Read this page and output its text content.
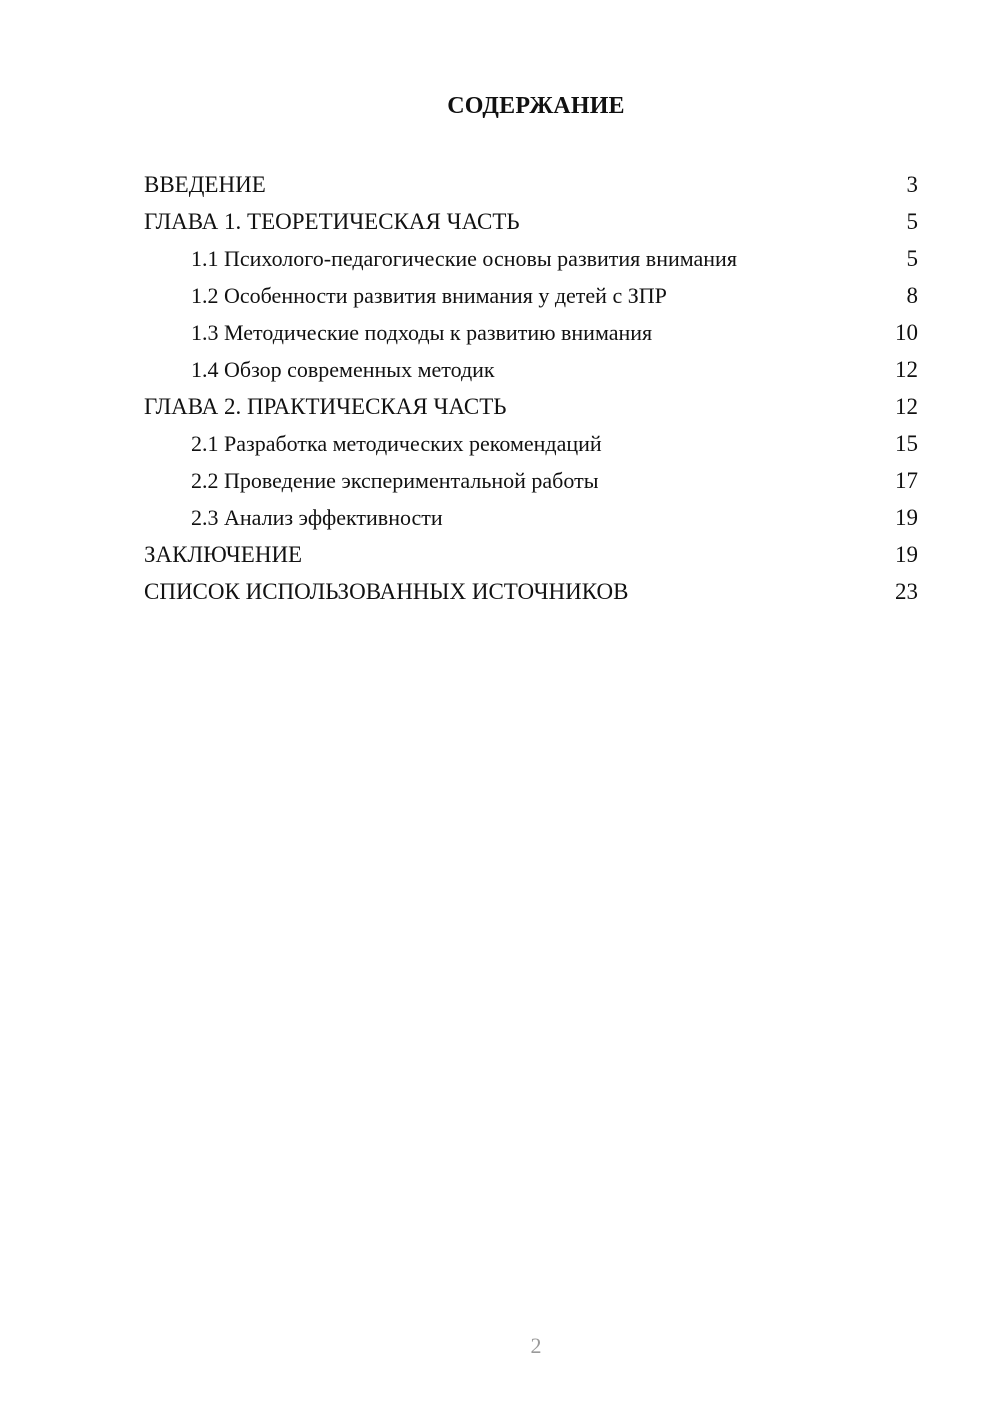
СОДЕРЖАНИЕ
ВВЕДЕНИЕ	3
ГЛАВА 1. ТЕОРЕТИЧЕСКАЯ ЧАСТЬ	5
1.1 Психолого-педагогические основы развития внимания	5
1.2 Особенности развития внимания у детей с ЗПР	8
1.3 Методические подходы к развитию внимания	10
1.4 Обзор современных методик	12
ГЛАВА 2. ПРАКТИЧЕСКАЯ ЧАСТЬ	12
2.1 Разработка методических рекомендаций	15
2.2 Проведение экспериментальной работы	17
2.3 Анализ эффективности	19
ЗАКЛЮЧЕНИЕ	19
СПИСОК ИСПОЛЬЗОВАННЫХ ИСТОЧНИКОВ	23
2
